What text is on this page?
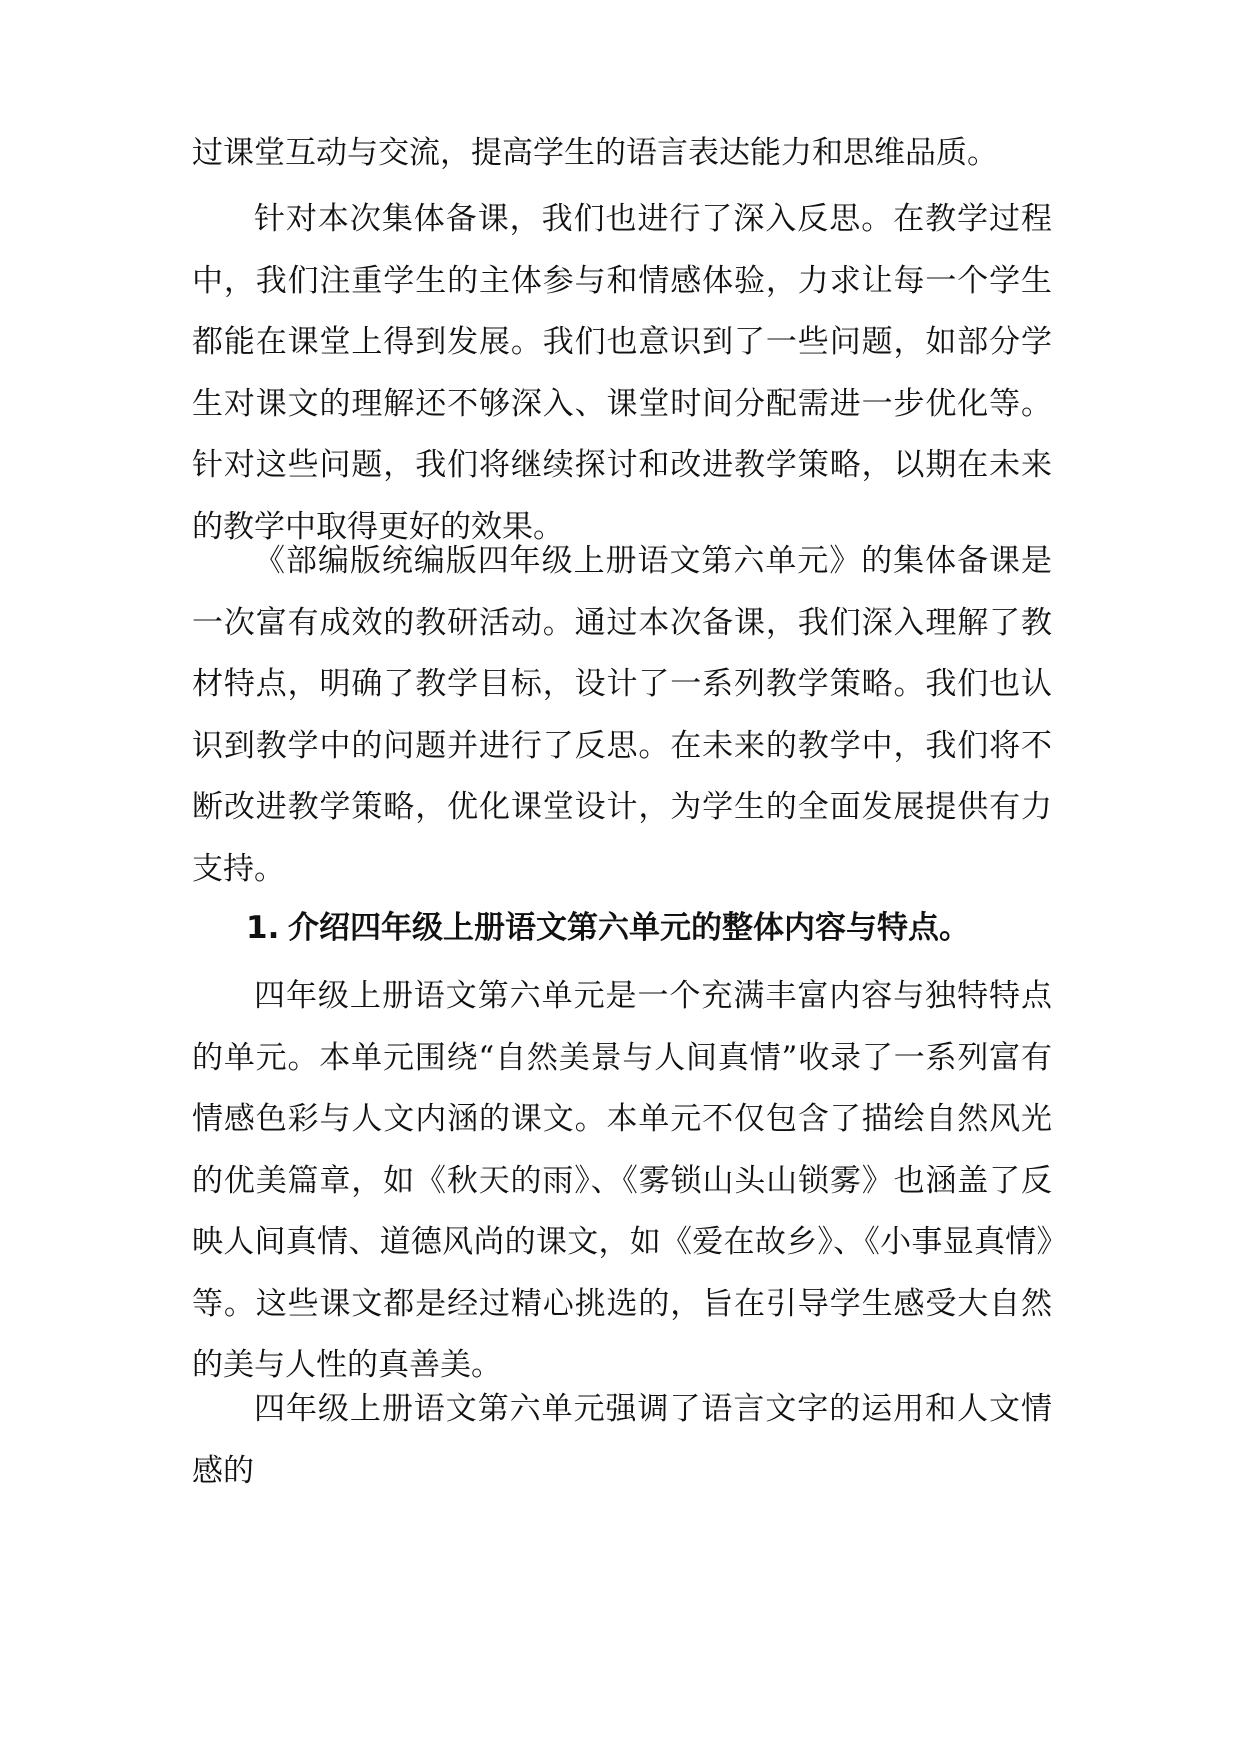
过课堂互动与交流，提高学生的语言表达能力和思维品质。

针对本次集体备课，我们也进行了深入反思。在教学过程中，我们注重学生的主体参与和情感体验，力求让每一个学生都能在课堂上得到发展。我们也意识到了一些问题，如部分学生对课文的理解还不够深入、课堂时间分配需进一步优化等。针对这些问题，我们将继续探讨和改进教学策略，以期在未来的教学中取得更好的效果。

《部编版统编版四年级上册语文第六单元》的集体备课是一次富有成效的教研活动。通过本次备课，我们深入理解了教材特点，明确了教学目标，设计了一系列教学策略。我们也认识到教学中的问题并进行了反思。在未来的教学中，我们将不断改进教学策略，优化课堂设计，为学生的全面发展提供有力支持。

1. 介绍四年级上册语文第六单元的整体内容与特点。

四年级上册语文第六单元是一个充满丰富内容与独特特点的单元。本单元围绕“自然美景与人间真情”收录了一系列富有情感色彩与人文内涵的课文。本单元不仅包含了描绘自然风光的优美篇章，如《秋天的雨》、《雾锁山头山锁雾》也涵盖了反映人间真情、道德风尚的课文，如《爱在故乡》、《小事显真情》等。这些课文都是经过精心挑选的，旨在引导学生感受大自然的美与人性的真善美。

四年级上册语文第六单元强调了语言文字的运用和人文情感的
